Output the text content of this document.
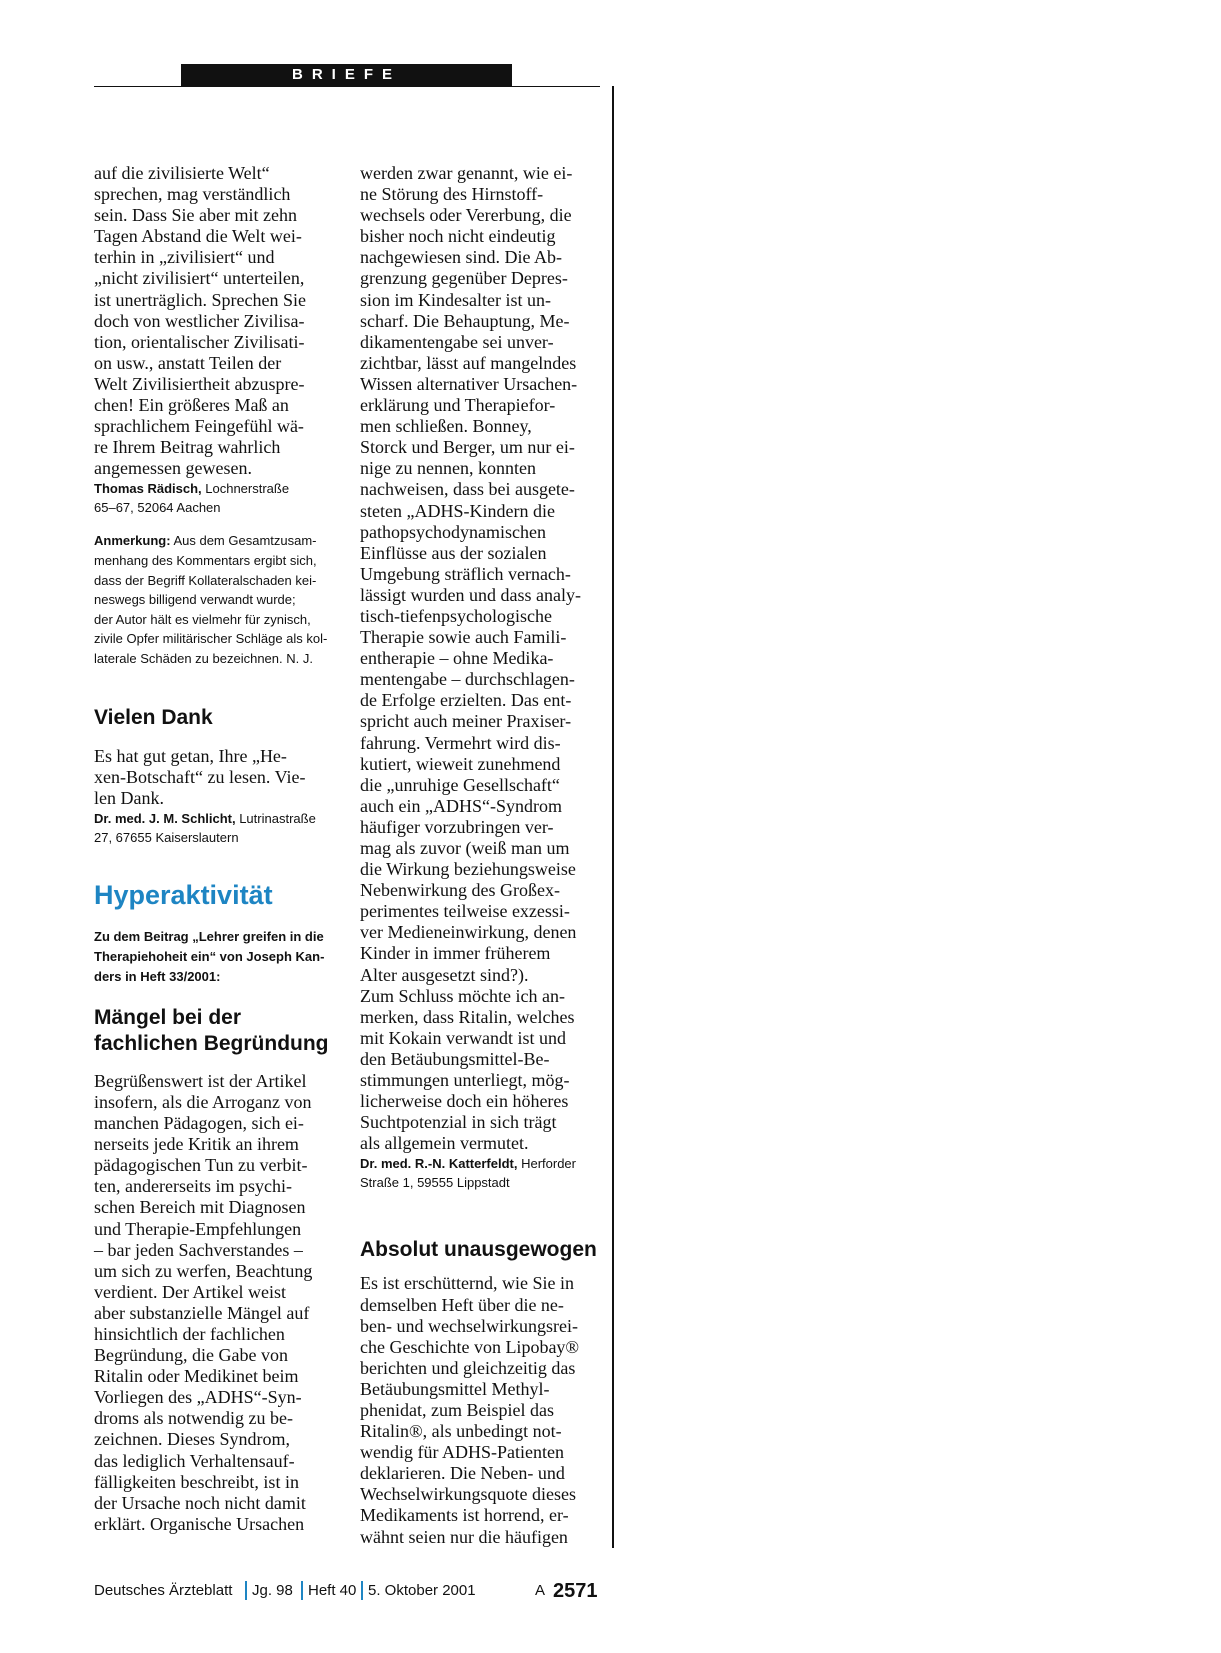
BRIEFE
auf die zivilisierte Welt“
sprechen, mag verständlich
sein. Dass Sie aber mit zehn
Tagen Abstand die Welt wei-
terhin in „zivilisiert“ und
„nicht zivilisiert“ unterteilen,
ist unerträglich. Sprechen Sie
doch von westlicher Zivilisa-
tion, orientalischer Zivilisati-
on usw., anstatt Teilen der
Welt Zivilisiertheit abzuspre-
chen! Ein größeres Maß an
sprachlichem Feingefühl wä-
re Ihrem Beitrag wahrlich
angemessen gewesen.
Thomas Rädisch, Lochnerstraße
65–67, 52064 Aachen
Anmerkung: Aus dem Gesamtzusam-
menhang des Kommentars ergibt sich,
dass der Begriff Kollateralschaden kei-
neswegs billigend verwandt wurde;
der Autor hält es vielmehr für zynisch,
zivile Opfer militärischer Schläge als kol-
laterale Schäden zu bezeichnen. N. J.
Vielen Dank
Es hat gut getan, Ihre „He-
xen-Botschaft“ zu lesen. Vie-
len Dank.
Dr. med. J. M. Schlicht, Lutrinastraße
27, 67655 Kaiserslautern
Hyperaktivität
Zu dem Beitrag „Lehrer greifen in die
Therapiehoheit ein“ von Joseph Kan-
ders in Heft 33/2001:
Mängel bei der
fachlichen Begründung
Begrüßenswert ist der Artikel
insofern, als die Arroganz von
manchen Pädagogen, sich ei-
nerseits jede Kritik an ihrem
pädagogischen Tun zu verbit-
ten, andererseits im psychi-
schen Bereich mit Diagnosen
und Therapie-Empfehlungen
– bar jeden Sachverstandes –
um sich zu werfen, Beachtung
verdient. Der Artikel weist
aber substanzielle Mängel auf
hinsichtlich der fachlichen
Begründung, die Gabe von
Ritalin oder Medikinet beim
Vorliegen des „ADHS“-Syn-
droms als notwendig zu be-
zeichnen. Dieses Syndrom,
das lediglich Verhaltensauf-
fälligkeiten beschreibt, ist in
der Ursache noch nicht damit
erklärt. Organische Ursachen
werden zwar genannt, wie ei-
ne Störung des Hirnstoff-
wechsels oder Vererbung, die
bisher noch nicht eindeutig
nachgewiesen sind. Die Ab-
grenzung gegenüber Depres-
sion im Kindesalter ist un-
scharf. Die Behauptung, Me-
dikamentengabe sei unver-
zichtbar, lässt auf mangelndes
Wissen alternativer Ursachen-
erklärung und Therapiefor-
men schließen. Bonney,
Storck und Berger, um nur ei-
nige zu nennen, konnten
nachweisen, dass bei ausgete-
steten „ADHS-Kindern die
pathopsychodynamischen
Einflüsse aus der sozialen
Umgebung sträflich vernach-
lässigt wurden und dass analy-
tisch-tiefenpsychologische
Therapie sowie auch Famili-
entherapie – ohne Medika-
mentengabe – durchschlagen-
de Erfolge erzielten. Das ent-
spricht auch meiner Praxiser-
fahrung. Vermehrt wird dis-
kutiert, wieweit zunehmend
die „unruhige Gesellschaft“
auch ein „ADHS“-Syndrom
häufiger vorzubringen ver-
mag als zuvor (weiß man um
die Wirkung beziehungsweise
Nebenwirkung des Großex-
perimentes teilweise exzessi-
ver Medieneinwirkung, denen
Kinder in immer früherem
Alter ausgesetzt sind?).
Zum Schluss möchte ich an-
merken, dass Ritalin, welches
mit Kokain verwandt ist und
den Betäubungsmittel-Be-
stimmungen unterliegt, mög-
licherweise doch ein höheres
Suchtpotenzial in sich trägt
als allgemein vermutet.
Dr. med. R.-N. Katterfeldt, Herforder
Straße 1, 59555 Lippstadt
Absolut unausgewogen
Es ist erschütternd, wie Sie in
demselben Heft über die ne-
ben- und wechselwirkungsrei-
che Geschichte von Lipobay®
berichten und gleichzeitig das
Betäubungsmittel Methyl-
phenidat, zum Beispiel das
Ritalin®, als unbedingt not-
wendig für ADHS-Patienten
deklarieren. Die Neben- und
Wechselwirkungsquote dieses
Medikaments ist horrend, er-
wähnt seien nur die häufigen
Deutsches Ärzteblatt Jg. 98 Heft 40 5. Oktober 2001	A 2571
